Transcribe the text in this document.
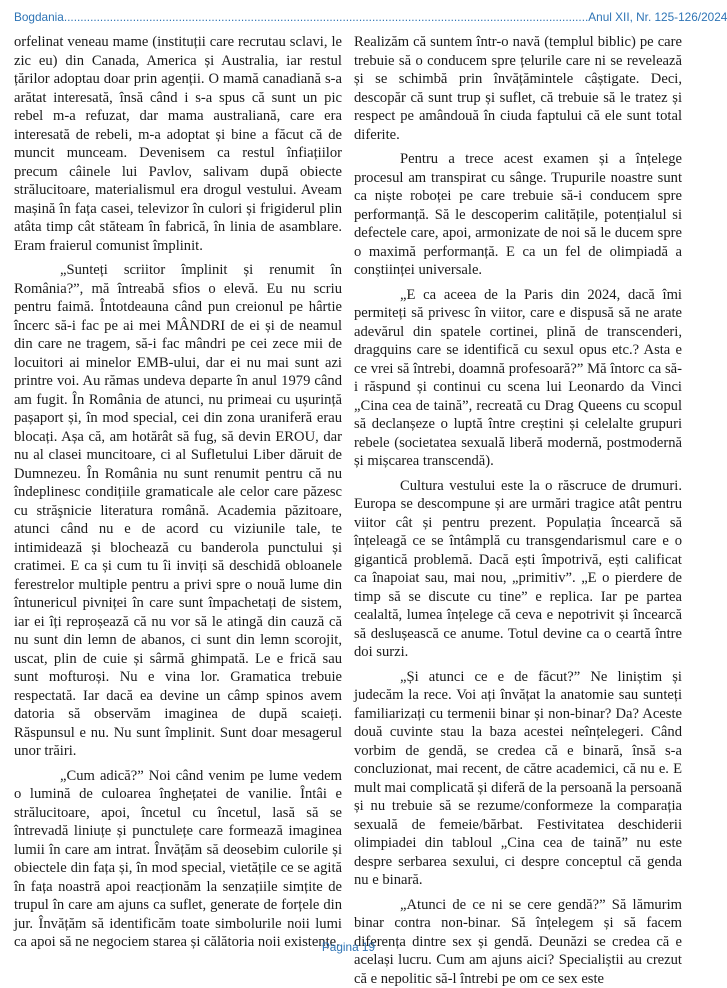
Bogdania ................................................................................................................................................................ Anul XII, Nr. 125-126/2024

orfelinat veneau mame (instituții care recrutau sclavi, le zic eu) din Canada, America și Australia, iar restul țărilor adoptau doar prin agenții. O mamă canadiană s-a arătat interesată, însă când i s-a spus că sunt un pic rebel m-a refuzat, dar mama australiană, care era interesată de rebeli, m-a adoptat și bine a făcut că de muncit munceam. Devenisem ca restul înfiațiilor precum câinele lui Pavlov, salivam după obiecte strălucitoare, materialismul era drogul vestului. Aveam mașină în fața casei, televizor în culori și frigiderul plin atâta timp cât stăteam în fabrică, în linia de asamblare. Eram fraierul comunist împlinit.

„Sunteți scriitor împlinit și renumit în România?”, mă întreabă sfios o elevă. Eu nu scriu pentru faimă. Întotdeauna când pun creionul pe hârtie încerc să-i fac pe ai mei MÂNDRI de ei și de neamul din care ne tragem, să-i fac mândri pe cei zece mii de locuitori ai minelor EMB-ului, dar ei nu mai sunt azi printre voi. Au rămas undeva departe în anul 1979 când am fugit. În România de atunci, nu primeai cu ușurință pașaport și, în mod special, cei din zona uraniferă erau blocați. Așa că, am hotărât să fug, să devin EROU, dar nu al clasei muncitoare, ci al Sufletului Liber dăruit de Dumnezeu. În România nu sunt renumit pentru că nu îndeplinesc condițiile gramaticale ale celor care păzesc cu străşnicie literatura română. Academia păzitoare, atunci când nu e de acord cu viziunile tale, te intimidează și blochează cu banderola punctului și cratimei. E ca și cum tu îi inviți să deschidă obloanele ferestrelor multiple pentru a privi spre o nouă lume din întunericul pivniței în care sunt împachetați de sistem, iar ei îți reproșează că nu vor să le atingă din cauză că nu sunt din lemn de abanos, ci sunt din lemn scorojit, uscat, plin de cuie și sârmă ghimpată. Le e frică sau sunt mofturoși. Nu e vina lor. Gramatica trebuie respectată. Iar dacă ea devine un câmp spinos avem datoria să observăm imaginea de după scaieți. Răspunsul e nu. Nu sunt împlinit. Sunt doar mesagerul unor trăiri.

„Cum adică?” Noi când venim pe lume vedem o lumină de culoarea înghețatei de vanilie. Întâi e strălucitoare, apoi, încetul cu încetul, lasă să se întrevadă liniuțe și punctulețe care formează imaginea lumii în care am intrat. Învățăm să deosebim culorile și obiectele din fața și, în mod special, vietățile ce se agită în fața noastră apoi reacționăm la senzațiile simțite de trupul în care am ajuns ca suflet, generate de forțele din jur. Învățăm să identificăm toate simbolurile noii lumi ca apoi să ne negociem starea și călătoria noii existențe.

Realizăm că suntem într-o navă (templul biblic) pe care trebuie să o conducem spre țelurile care ni se revelează și se schimbă prin învățămintele câștigate. Deci, descopăr că sunt trup și suflet, că trebuie să le tratez și respect pe amândouă în ciuda faptului că ele sunt total diferite.

Pentru a trece acest examen și a înțelege procesul am transpirat cu sânge. Trupurile noastre sunt ca niște roboței pe care trebuie să-i conducem spre performanță. Să le descoperim calitățile, potențialul si defectele care, apoi, armonizate de noi să le ducem spre o maximă performanță. E ca un fel de olimpiadă a conștiinței universale.

„E ca aceea de la Paris din 2024, dacă îmi permiteți să privesc în viitor, care e dispusă să ne arate adevărul din spatele cortinei, plină de transcenderi, dragquins care se identifică cu sexul opus etc.? Asta e ce vrei să întrebi, doamnă profesoară?” Mă întorc ca să-i răspund și continui cu scena lui Leonardo da Vinci „Cina cea de taină”, recreată cu Drag Queens cu scopul să declanșeze o luptă între creștini și celelalte grupuri rebele (societatea sexuală liberă modernă, postmodernă și mișcarea transcendă).

Cultura vestului este la o răscruce de drumuri. Europa se descompune și are urmări tragice atât pentru viitor cât și pentru prezent. Populația încearcă să înțeleagă ce se întâmplă cu transgendarismul care e o gigantică problemă. Dacă ești împotrivă, ești calificat ca înapoiat sau, mai nou, „primitiv”. „E o pierdere de timp să se discute cu tine” e replica. Iar pe partea cealaltă, lumea înțelege că ceva e nepotrivit și încearcă să deslușească ce anume. Totul devine ca o ceartă între doi surzi.

„Și atunci ce e de făcut?” Ne liniștim și judecăm la rece. Voi ați învățat la anatomie sau sunteți familiarizați cu termenii binar și non-binar? Da? Aceste două cuvinte stau la baza acestei neînțelegeri. Când vorbim de gendă, se credea că e binară, însă s-a concluzionat, mai recent, de către academici, că nu e. E mult mai complicată și diferă de la persoană la persoană și nu trebuie să se rezume/conformeze la comparația sexuală de femeie/bărbat. Festivitatea deschiderii olimpiadei din tabloul „Cina cea de taină” nu este despre serbarea sexului, ci despre conceptul că genda nu e binară.

„Atunci de ce ni se cere gendă?” Să lămurim binar contra non-binar. Să înțelegem și să facem diferența dintre sex și gendă. Deunăzi se credea că e același lucru. Cum am ajuns aici? Specialiștii au crezut că e nepolitic să-l întrebi pe om ce sex este

Pagina 19
